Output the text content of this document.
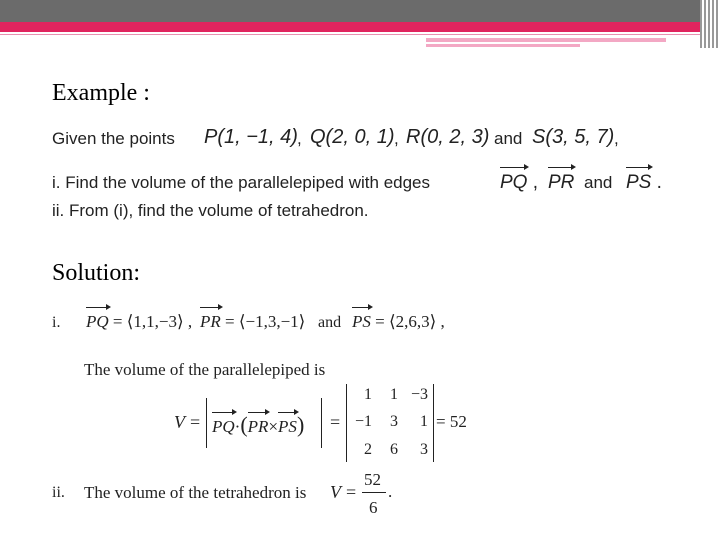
Example :
Solution:
Given the points P(1, −1, 4) , Q(2, 0, 1) , R(0, 2, 3) and S(3, 5, 7) ,
i. Find the volume of the parallelepiped with edges	PQ , PR and PS .
ii. From (i), find the volume of tetrahedron.
i. PQ = ⟨1,1,−3⟩ , PR = ⟨−1,3,−1⟩ and PS = ⟨2,6,3⟩ ,
The volume of the parallelepiped is
V = PQ·(PR×PS) =
1	1 −3
−1	3	1
2	6	3
= 52
ii. The volume of the tetrahedron is V =
52
6
.
